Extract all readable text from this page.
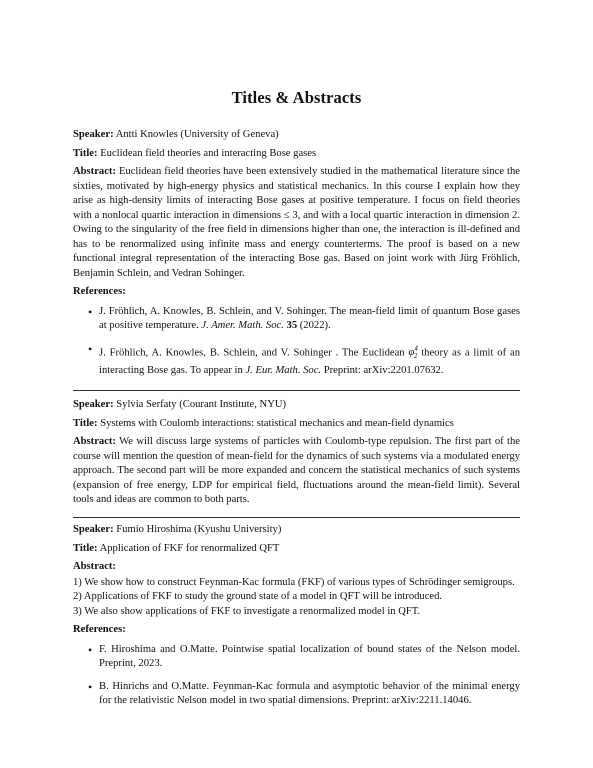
Titles & Abstracts

Speaker: Antti Knowles (University of Geneva)

Title: Euclidean field theories and interacting Bose gases

Abstract: Euclidean field theories have been extensively studied in the mathematical literature since the sixties, motivated by high-energy physics and statistical mechanics. In this course I explain how they arise as high-density limits of interacting Bose gases at positive temperature. I focus on field theories with a nonlocal quartic interaction in dimensions ≤ 3, and with a local quartic interaction in dimension 2. Owing to the singularity of the free field in dimensions higher than one, the interaction is ill-defined and has to be renormalized using infinite mass and energy counterterms. The proof is based on a new functional integral representation of the interacting Bose gas. Based on joint work with Jürg Fröhlich, Benjamin Schlein, and Vedran Sohinger.

References:
• J. Fröhlich, A. Knowles, B. Schlein, and V. Sohinger. The mean-field limit of quantum Bose gases at positive temperature. J. Amer. Math. Soc. 35 (2022).
• J. Fröhlich, A. Knowles, B. Schlein, and V. Sohinger . The Euclidean $\varphi^4_2$ theory as a limit of an interacting Bose gas. To appear in J. Eur. Math. Soc. Preprint: arXiv:2201.07632.

Speaker: Sylvia Serfaty (Courant Institute, NYU)

Title: Systems with Coulomb interactions: statistical mechanics and mean-field dynamics

Abstract: We will discuss large systems of particles with Coulomb-type repulsion. The first part of the course will mention the question of mean-field for the dynamics of such systems via a modulated energy approach. The second part will be more expanded and concern the statistical mechanics of such systems (expansion of free energy, LDP for empirical field, fluctuations around the mean-field limit). Several tools and ideas are common to both parts.

Speaker: Fumio Hiroshima (Kyushu University)

Title: Application of FKF for renormalized QFT

Abstract:

1) We show how to construct Feynman-Kac formula (FKF) of various types of Schrödinger semigroups.

2) Applications of FKF to study the ground state of a model in QFT will be introduced.

3) We also show applications of FKF to investigate a renormalized model in QFT.

References:
• F. Hiroshima and O.Matte. Pointwise spatial localization of bound states of the Nelson model. Preprint, 2023.
• B. Hinrichs and O.Matte. Feynman-Kac formula and asymptotic behavior of the minimal energy for the relativistic Nelson model in two spatial dimensions. Preprint: arXiv:2211.14046.
